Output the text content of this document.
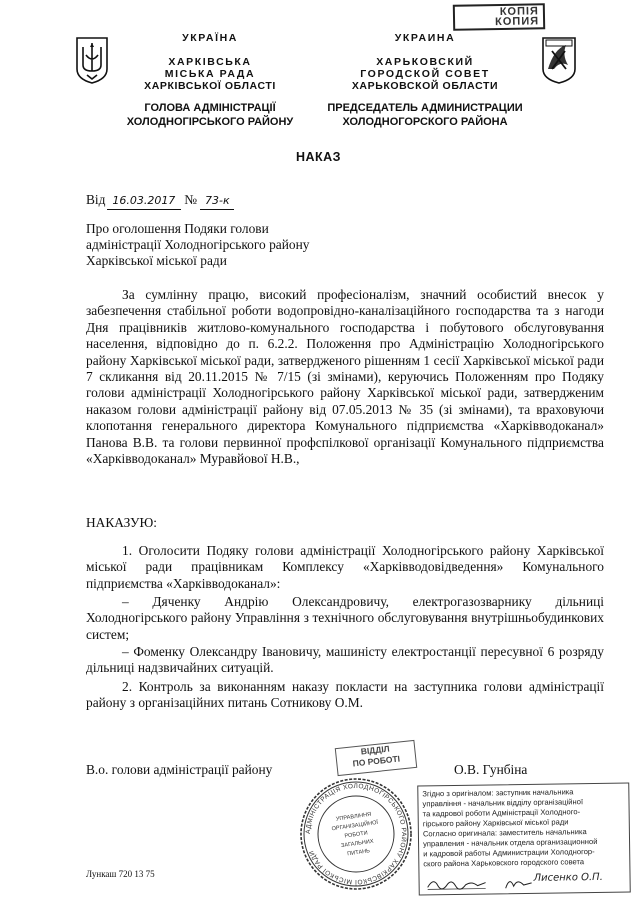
КОПІЯ
КОПИЯ
УКРАЇНА
ХАРКІВСЬКА
МІСЬКА РАДА
ХАРКІВСЬКОЇ ОБЛАСТІ
ГОЛОВА АДМІНІСТРАЦІЇ
ХОЛОДНОГІРСЬКОГО РАЙОНУ
УКРАИНА
ХАРЬКОВСКИЙ
ГОРОДСКОЙ СОВЕТ
ХАРЬКОВСКОЙ ОБЛАСТИ
ПРЕДСЕДАТЕЛЬ АДМИНИСТРАЦИИ
ХОЛОДНОГОРСКОГО РАЙОНА
НАКАЗ
Від 16.03.2017 № 73-к
Про оголошення Подяки голови
адміністрації Холодногірського району
Харківської міської ради
За сумлінну працю, високий професіоналізм, значний особистий внесок у забезпечення стабільної роботи водопровідно-каналізаційного господарства та з нагоди Дня працівників житлово-комунального господарства і побутового обслуговування населення, відповідно до п. 6.2.2. Положення про Адміністрацію Холодногірського району Харківської міської ради, затвердженого рішенням 1 сесії Харківської міської ради 7 скликання від 20.11.2015 № 7/15 (зі змінами), керуючись Положенням про Подяку голови адміністрації Холодногірського району Харківської міської ради, затвердженим наказом голови адміністрації району від 07.05.2013 № 35 (зі змінами), та враховуючи клопотання генерального директора Комунального підприємства «Харківводоканал» Панова В.В. та голови первинної профспілкової організації Комунального підприємства «Харківводоканал» Муравйової Н.В.,
НАКАЗУЮ:
1. Оголосити Подяку голови адміністрації Холодногірського району Харківської міської ради працівникам Комплексу «Харківводовідведення» Комунального підприємства «Харківводоканал»:
– Дяченку Андрію Олександровичу, електрогазозварнику дільниці Холодногірського району Управління з технічного обслуговування внутрішньобудинкових систем;
– Фоменку Олександру Івановичу, машиністу електростанції пересувної 6 розряду дільниці надзвичайних ситуацій.
2. Контроль за виконанням наказу покласти на заступника голови адміністрації району з організаційних питань Сотникову О.М.
В.о. голови адміністрації району	О.В. Гунбіна
ВІДДІЛ
ПО РОБОТІ
АДМІНІСТРАЦІЯ ХОЛОДНОГІРСЬКОГО РАЙОНУ ХАРКІВСЬКОЇ МІСЬКОЇ РАДИ
УПРАВЛІННЯ
ОРГАНІЗАЦІЙНОЇ
РОБОТИ
ЗАГАЛЬНИХ
ПИТАНЬ
Згідно з оригіналом: заступник начальника
управління - начальник відділу організаційної
та кадрової роботи Адміністрації Холодного-
гірського району Харківської міської ради
Согласно оригинала: заместитель начальника
управления - начальник отдела организационной
и кадровой работы Администрации Холодногор-
ского района Харьковского городского совета
Лисенко О.П.
Лункаш 720 13 75
